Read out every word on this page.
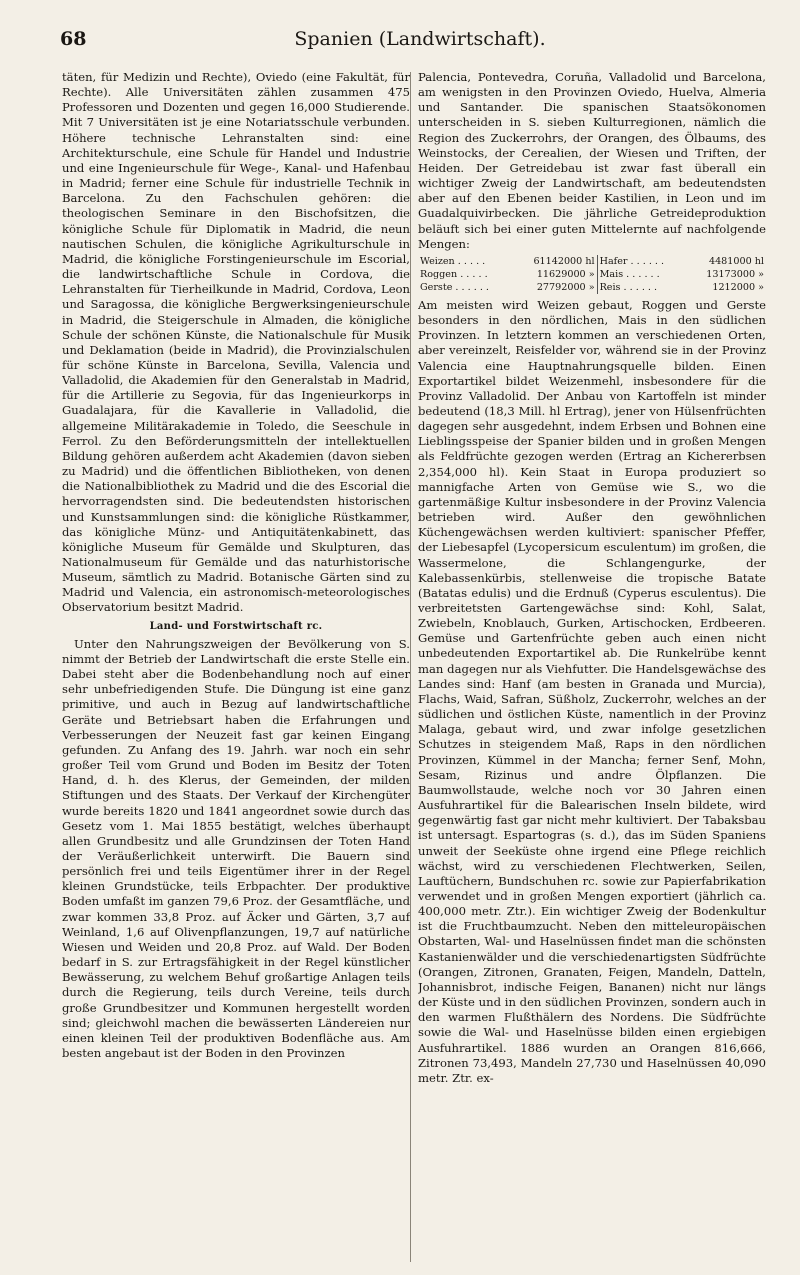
68	Spanien (Landwirtschaft).

täten, für Medizin und Rechte), Oviedo (eine Fakultät, für Rechte). Alle Universitäten zählen zusammen 475 Professoren und Dozenten und gegen 16,000 Studierende. Mit 7 Universitäten ist je eine Notariatsschule verbunden. Höhere technische Lehranstalten sind: eine Architekturschule, eine Schule für Handel und Industrie und eine Ingenieurschule für Wege-, Kanal- und Hafenbau in Madrid; ferner eine Schule für industrielle Technik in Barcelona. Zu den Fachschulen gehören: die theologischen Seminare in den Bischofsitzen, die königliche Schule für Diplomatik in Madrid, die neun nautischen Schulen, die königliche Agrikulturschule in Madrid, die königliche Forstingenieurschule im Escorial, die landwirtschaftliche Schule in Cordova, die Lehranstalten für Tierheilkunde in Madrid, Cordova, Leon und Saragossa, die königliche Bergwerksingenieurschule in Madrid, die Steigerschule in Almaden, die königliche Schule der schönen Künste, die Nationalschule für Musik und Deklamation (beide in Madrid), die Provinzialschulen für schöne Künste in Barcelona, Sevilla, Valencia und Valladolid, die Akademien für den Generalstab in Madrid, für die Artillerie zu Segovia, für das Ingenieurkorps in Guadalajara, für die Kavallerie in Valladolid, die allgemeine Militärakademie in Toledo, die Seeschule in Ferrol. Zu den Beförderungsmitteln der intellektuellen Bildung gehören außerdem acht Akademien (davon sieben zu Madrid) und die öffentlichen Bibliotheken, von denen die Nationalbibliothek zu Madrid und die des Escorial die hervorragendsten sind. Die bedeutendsten historischen und Kunstsammlungen sind: die königliche Rüstkammer, das königliche Münz- und Antiquitätenkabinett, das königliche Museum für Gemälde und Skulpturen, das Nationalmuseum für Gemälde und das naturhistorische Museum, sämtlich zu Madrid. Botanische Gärten sind zu Madrid und Valencia, ein astronomisch-meteorologisches Observatorium besitzt Madrid.

Land- und Forstwirtschaft rc.

Unter den Nahrungszweigen der Bevölkerung von S. nimmt der Betrieb der Landwirtschaft die erste Stelle ein. Dabei steht aber die Bodenbehandlung noch auf einer sehr unbefriedigenden Stufe. Die Düngung ist eine ganz primitive, und auch in Bezug auf landwirtschaftliche Geräte und Betriebsart haben die Erfahrungen und Verbesserungen der Neuzeit fast gar keinen Eingang gefunden. Zu Anfang des 19. Jahrh. war noch ein sehr großer Teil vom Grund und Boden im Besitz der Toten Hand, d. h. des Klerus, der Gemeinden, der milden Stiftungen und des Staats. Der Verkauf der Kirchengüter wurde bereits 1820 und 1841 angeordnet sowie durch das Gesetz vom 1. Mai 1855 bestätigt, welches überhaupt allen Grundbesitz und alle Grundzinsen der Toten Hand der Veräußerlichkeit unterwirft. Die Bauern sind persönlich frei und teils Eigentümer ihrer in der Regel kleinen Grundstücke, teils Erbpachter. Der produktive Boden umfaßt im ganzen 79,6 Proz. der Gesamtfläche, und zwar kommen 33,8 Proz. auf Äcker und Gärten, 3,7 auf Weinland, 1,6 auf Olivenpflanzungen, 19,7 auf natürliche Wiesen und Weiden und 20,8 Proz. auf Wald. Der Boden bedarf in S. zur Ertragsfähigkeit in der Regel künstlicher Bewässerung, zu welchem Behuf großartige Anlagen teils durch die Regierung, teils durch Vereine, teils durch große Grundbesitzer und Kommunen hergestellt worden sind; gleichwohl machen die bewässerten Ländereien nur einen kleinen Teil der produktiven Bodenfläche aus. Am besten angebaut ist der Boden in den Provinzen

Palencia, Pontevedra, Coruña, Valladolid und Barcelona, am wenigsten in den Provinzen Oviedo, Huelva, Almeria und Santander. Die spanischen Staatsökonomen unterscheiden in S. sieben Kulturregionen, nämlich die Region des Zuckerrohrs, der Orangen, des Ölbaums, des Weinstocks, der Cerealien, der Wiesen und Triften, der Heiden. Der Getreidebau ist zwar fast überall ein wichtiger Zweig der Landwirtschaft, am bedeutendsten aber auf den Ebenen beider Kastilien, in Leon und im Guadalquivirbecken. Die jährliche Getreideproduktion beläuft sich bei einer guten Mittelernte auf nachfolgende Mengen:

Weizen . . . . .	61142000 hl	Hafer . . . . . .	4481000 hl
Roggen . . . . .	11629000 »	Mais . . . . . .	13173000 »
Gerste . . . . . .	27792000 »	Reis . . . . . .	1212000 »

Am meisten wird Weizen gebaut, Roggen und Gerste besonders in den nördlichen, Mais in den südlichen Provinzen. In letztern kommen an verschiedenen Orten, aber vereinzelt, Reisfelder vor, während sie in der Provinz Valencia eine Hauptnahrungsquelle bilden. Einen Exportartikel bildet Weizenmehl, insbesondere für die Provinz Valladolid. Der Anbau von Kartoffeln ist minder bedeutend (18,3 Mill. hl Ertrag), jener von Hülsenfrüchten dagegen sehr ausgedehnt, indem Erbsen und Bohnen eine Lieblingsspeise der Spanier bilden und in großen Mengen als Feldfrüchte gezogen werden (Ertrag an Kichererbsen 2,354,000 hl). Kein Staat in Europa produziert so mannigfache Arten von Gemüse wie S., wo die gartenmäßige Kultur insbesondere in der Provinz Valencia betrieben wird. Außer den gewöhnlichen Küchengewächsen werden kultiviert: spanischer Pfeffer, der Liebesapfel (Lycopersicum esculentum) im großen, die Wassermelone, die Schlangengurke, der Kalebassenkürbis, stellenweise die tropische Batate (Batatas edulis) und die Erdnuß (Cyperus esculentus). Die verbreitetsten Gartengewächse sind: Kohl, Salat, Zwiebeln, Knoblauch, Gurken, Artischocken, Erdbeeren. Gemüse und Gartenfrüchte geben auch einen nicht unbedeutenden Exportartikel ab. Die Runkelrübe kennt man dagegen nur als Viehfutter. Die Handelsgewächse des Landes sind: Hanf (am besten in Granada und Murcia), Flachs, Waid, Safran, Süßholz, Zuckerrohr, welches an der südlichen und östlichen Küste, namentlich in der Provinz Malaga, gebaut wird, und zwar infolge gesetzlichen Schutzes in steigendem Maß, Raps in den nördlichen Provinzen, Kümmel in der Mancha; ferner Senf, Mohn, Sesam, Rizinus und andre Ölpflanzen. Die Baumwollstaude, welche noch vor 30 Jahren einen Ausfuhrartikel für die Balearischen Inseln bildete, wird gegenwärtig fast gar nicht mehr kultiviert. Der Tabaksbau ist untersagt. Espartogras (s. d.), das im Süden Spaniens unweit der Seeküste ohne irgend eine Pflege reichlich wächst, wird zu verschiedenen Flechtwerken, Seilen, Lauftüchern, Bundschuhen rc. sowie zur Papierfabrikation verwendet und in großen Mengen exportiert (jährlich ca. 400,000 metr. Ztr.). Ein wichtiger Zweig der Bodenkultur ist die Fruchtbaumzucht. Neben den mitteleuropäischen Obstarten, Wal- und Haselnüssen findet man die schönsten Kastanienwälder und die verschiedenartigsten Südfrüchte (Orangen, Zitronen, Granaten, Feigen, Mandeln, Datteln, Johannisbrot, indische Feigen, Bananen) nicht nur längs der Küste und in den südlichen Provinzen, sondern auch in den warmen Flußthälern des Nordens. Die Südfrüchte sowie die Wal- und Haselnüsse bilden einen ergiebigen Ausfuhrartikel. 1886 wurden an Orangen 816,666, Zitronen 73,493, Mandeln 27,730 und Haselnüssen 40,090 metr. Ztr. ex-
